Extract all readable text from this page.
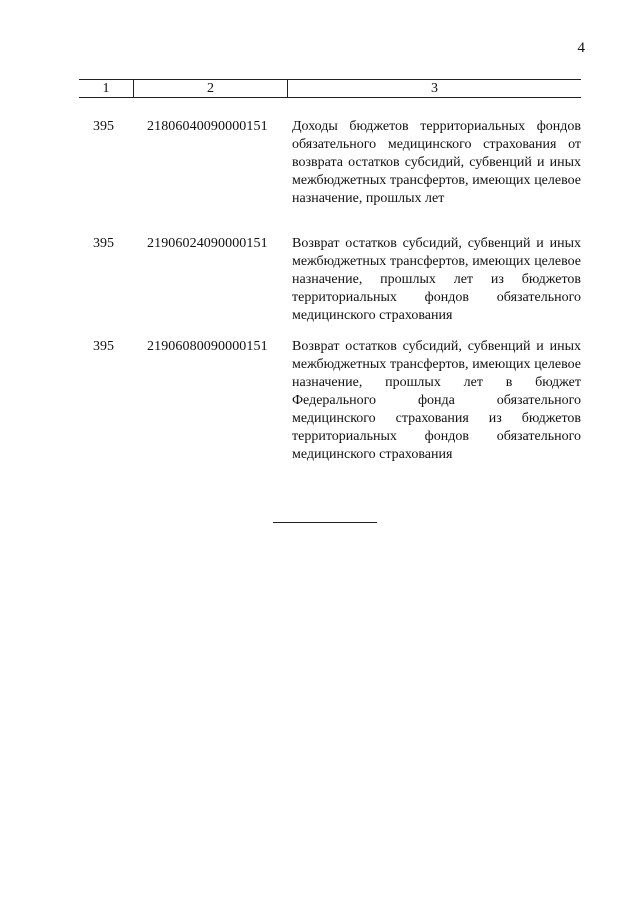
4
1	2	3
395	21806040090000151	Доходы бюджетов территориальных фондов обязательного медицинского страхования от возврата остатков субсидий, субвенций и иных межбюджетных трансфертов, имеющих целевое назначение, прошлых лет
395	21906024090000151	Возврат остатков субсидий, субвенций и иных межбюджетных трансфертов, имеющих целевое назначение, прошлых лет из бюджетов территориальных фондов обязательного медицинского страхования
395	21906080090000151	Возврат остатков субсидий, субвенций и иных межбюджетных трансфертов, имеющих целевое назначение, прошлых лет в бюджет Федерального фонда обязательного медицинского страхования из бюджетов территориальных фондов обязательного медицинского страхования
